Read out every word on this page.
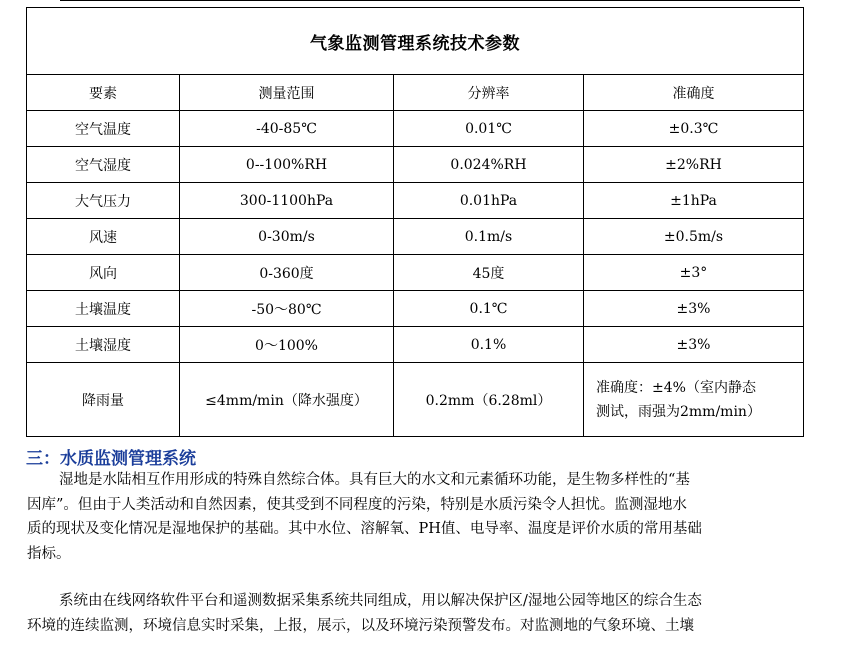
气象监测管理系统技术参数			
要素	测量范围	分辨率	准确度
空气温度	-40-85℃	0.01℃	±0.3℃
空气湿度	0--100%RH	0.024%RH	±2%RH
大气压力	300-1100hPa	0.01hPa	±1hPa
风速	0-30m/s	0.1m/s	±0.5m/s
风向	0-360度	45度	±3°
土壤温度	-50～80℃	0.1℃	±3%
土壤湿度	0～100%	0.1%	±3%
降雨量	≤4mm/min（降水强度）	0.2mm（6.28ml）	准确度：±4%（室内静态
测试，雨强为2mm/min）
三：水质监测管理系统

湿地是水陆相互作用形成的特殊自然综合体。具有巨大的水文和元素循环功能，是生物多样性的“基
因库”。但由于人类活动和自然因素，使其受到不同程度的污染，特别是水质污染令人担忧。监测湿地水
质的现状及变化情况是湿地保护的基础。其中水位、溶解氧、PH值、电导率、温度是评价水质的常用基础
指标。

系统由在线网络软件平台和遥测数据采集系统共同组成，用以解决保护区/湿地公园等地区的综合生态
环境的连续监测，环境信息实时采集，上报，展示，以及环境污染预警发布。对监测地的气象环境、土壤
